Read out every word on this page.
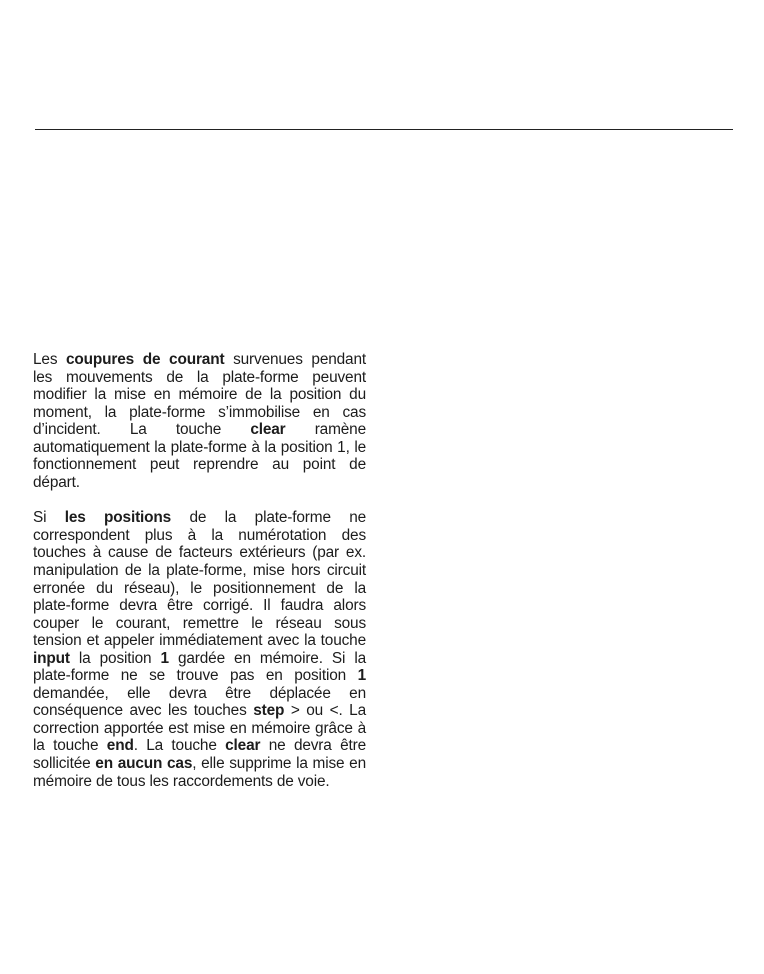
Les coupures de courant survenues pendant les mouvements de la plate-forme peuvent modifier la mise en mémoire de la position du moment, la plate-forme s’immobilise en cas d’incident. La touche clear ramène automatiquement la plate-forme à la position 1, le fonctionnement peut reprendre au point de départ.

Si les positions de la plate-forme ne correspondent plus à la numérotation des touches à cause de facteurs extérieurs (par ex. manipulation de la plate-forme, mise hors circuit erronée du réseau), le positionnement de la plate-forme devra être corrigé. Il faudra alors couper le courant, remettre le réseau sous tension et appeler immédiatement avec la touche input la position 1 gardée en mémoire. Si la plate-forme ne se trouve pas en position 1 demandée, elle devra être déplacée en conséquence avec les touches step > ou <. La correction apportée est mise en mémoire grâce à la touche end. La touche clear ne devra être sollicitée en aucun cas, elle supprime la mise en mémoire de tous les raccordements de voie.
